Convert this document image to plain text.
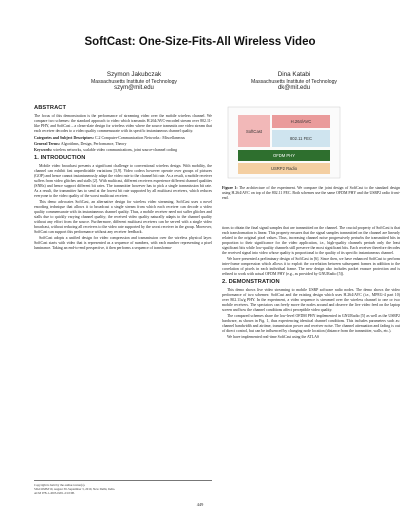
SoftCast: One-Size-Fits-All Wireless Video
Szymon Jakubczak
Massachusetts Institute of Technology
szym@mit.edu
Dina Katabi
Massachusetts Institute of Technology
dk@mit.edu
ABSTRACT

The focus of this demonstration is the performance of streaming video over the mobile wireless channel. We compare two schemes: the standard approach to video which transmits H.264/AVC-encoded stream over 802.11-like PHY, and SoftCast – a clean-slate design for wireless video where the source transmits one video stream that each receiver decodes to a video quality commensurate with its specific instantaneous channel quality.

Categories and Subject Descriptors: C.2 Computer-Communication Networks : Miscellaneous

General Terms: Algorithms, Design, Performance, Theory

Keywords: wireless networks, scalable video communications, joint source-channel coding

1. INTRODUCTION

Mobile video broadcast presents a significant challenge to conventional wireless design. With mobility, the channel can exhibit fast unpredictable variations [3,9]. Video codecs however operate over groups of pictures (GOP) and hence cannot instantaneously adapt the video rate to the channel bit rate. As a result, a mobile receiver suffers from video glitches and stalls [2]. With multicast, different receivers experience different channel qualities (SNRs) and hence support different bit rates. The transmitter however has to pick a single transmission bit rate. As a result, the transmitter has to send at the lowest bit rate supported by all multicast receivers, which reduces everyone to the video quality of the worst multicast receiver.

This demo advocates SoftCast, an alternative design for wireless video streaming. SoftCast uses a novel encoding technique that allows it to broadcast a single stream from which each receiver can decode a video quality commensurate with its instantaneous channel quality. Thus, a mobile receiver need not suffer glitches and stalls due to quickly varying channel quality; the received video quality naturally adapts to the channel quality without any effort from the source. Furthermore, different multicast receivers can be served with a single video broadcast, without reducing all receivers to the video rate supported by the worst receiver in the group. Moreover, SoftCast can support this performance without any receiver feedback.

SoftCast adopts a unified design for video compression and transmission over the wireless physical layer. SoftCast starts with video that is represented as a sequence of numbers, with each number representing a pixel luminance. Taking an end-to-end perspective, it then performs a sequence of transforma-

SoftCast
H.264/AVC
802.11 FEC
OFDM PHY
USRP2 Radio
Figure 1: The architecture of the experiment. We compare the joint design of SoftCast to the standard design using H.264/AVC on top of the 802.11 FEC. Both schemes use the same OFDM PHY and the USRP2 radio front-end.

tions to obtain the final signal samples that are transmitted on the channel. The crucial property of SoftCast is that each transformation is linear. This property ensures that the signal samples transmitted on the channel are linearly related to the original pixel values. Thus, increasing channel noise progressively perturbs the transmitted bits in proportion to their significance for the video application, i.e., high-quality channels perturb only the least significant bits while low-quality channels still preserve the most significant bits. Each receiver therefore decodes the received signal into video whose quality is proportional to the quality of its specific instantaneous channel.

We have presented a preliminary design of SoftCast in [6]. Since then, we have enhanced SoftCast to perform inter-frame compression which allows it to exploit the correlation between subsequent frames in addition to the correlation of pixels in each individual frame. The new design also includes packet erasure protection and is refined to work with actual OFDM PHY (e.g., as provided by GNURadio [5]).

2. DEMONSTRATION

This demo shows live video streaming to mobile USRP software radio nodes. The demo shows the video performance of two schemes: SoftCast and the existing design which uses H.264/AVC (i.e., MPEG-4 part 10) over 802.11a/g PHY. In the experiment, a video sequence is streamed over the wireless channel to one or two mobile receivers. The spectators can freely move the nodes around and observe the live video feed on the laptop screen and how the channel conditions affect perceptible video quality.

The compared schemes share the low-level OFDM PHY implemented in GNURadio [5] as well as the USRP2 hardware, as shown in Fig. 1, thus experiencing identical channel conditions. This includes parameters such as: channel bandwidth and airtime, transmission power and receiver noise. The channel attenuation and fading is out of direct control, but can be influenced by changing node location (distance from the transmitter, walls, etc.).

We have implemented real-time SoftCast using the ATLAS

Copyright is held by the author/owner(s).
SIGCOMM'10, August 30–September 3, 2010, New Delhi, India.
ACM 978-1-4503-0201-2/10/08.
449
